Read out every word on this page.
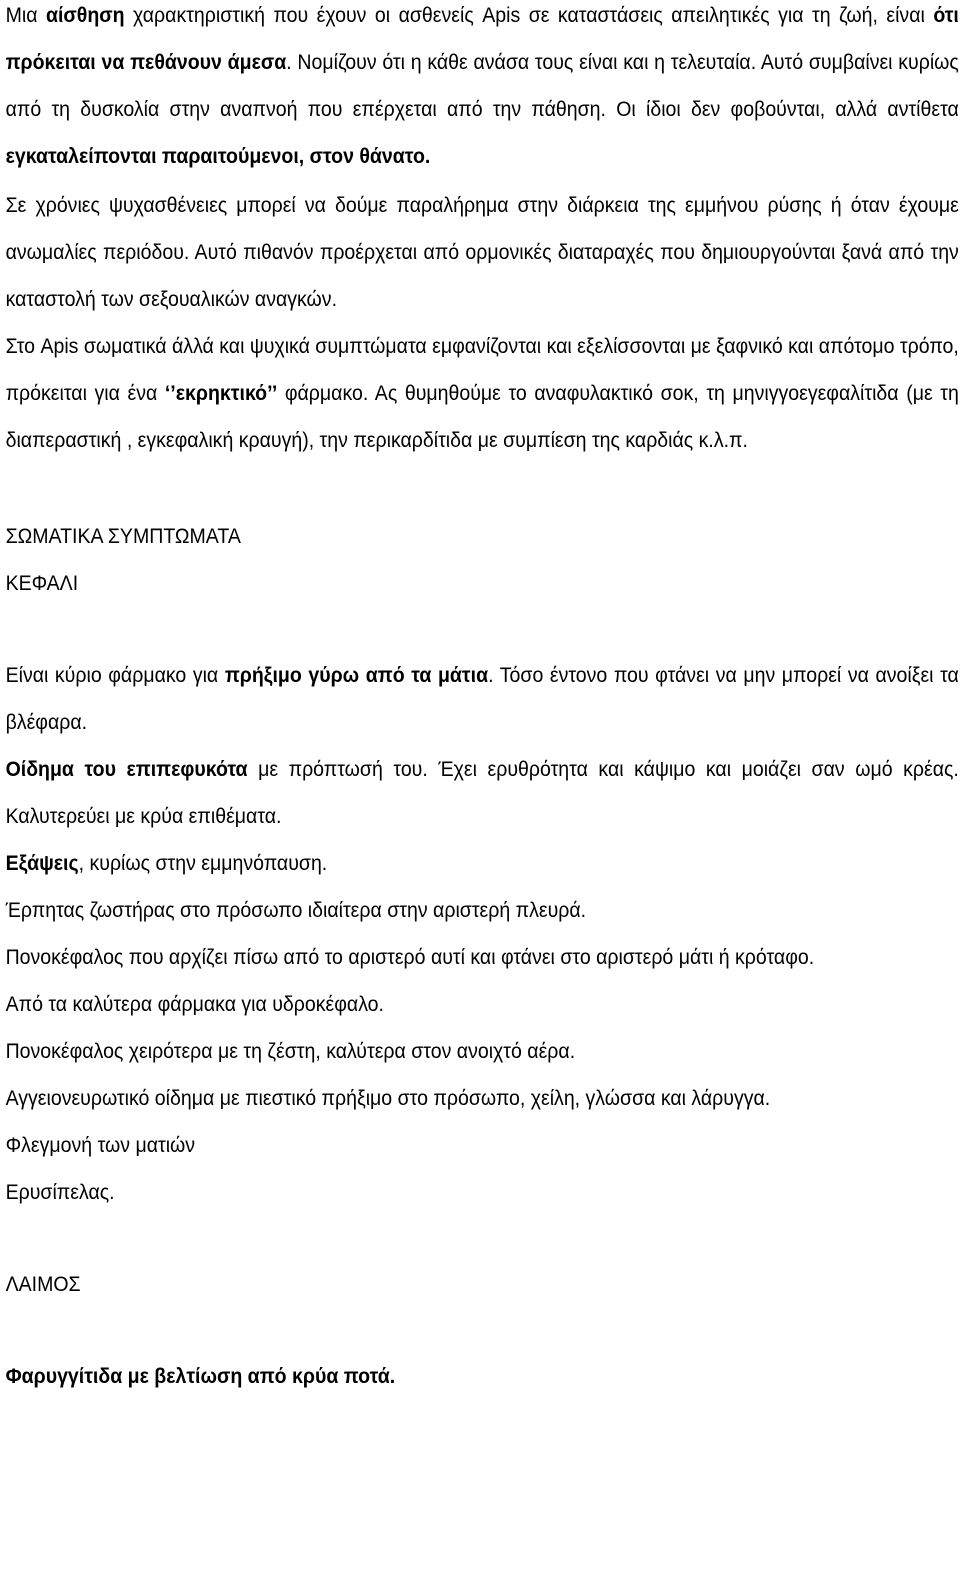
Μια αίσθηση χαρακτηριστική που έχουν οι ασθενείς Apis σε καταστάσεις απειλητικές για τη ζωή, είναι ότι πρόκειται να πεθάνουν άμεσα. Νομίζουν ότι η κάθε ανάσα τους είναι και η τελευταία. Αυτό συμβαίνει κυρίως από τη δυσκολία στην αναπνοή που επέρχεται από την πάθηση. Οι ίδιοι δεν φοβούνται, αλλά αντίθετα εγκαταλείπονται παραιτούμενοι, στον θάνατο.

Σε χρόνιες ψυχασθένειες μπορεί να δούμε παραλήρημα στην διάρκεια της εμμήνου ρύσης ή όταν έχουμε ανωμαλίες περιόδου. Αυτό πιθανόν προέρχεται από ορμονικές διαταραχές που δημιουργούνται ξανά από την καταστολή των σεξουαλικών αναγκών.

Στο Apis σωματικά άλλά και ψυχικά συμπτώματα εμφανίζονται και εξελίσσονται με ξαφνικό και απότομο τρόπο, πρόκειται για ένα ‘’εκρηκτικό’’ φάρμακο. Ας θυμηθούμε το αναφυλακτικό σοκ, τη μηνιγγοεγεφαλίτιδα (με τη διαπεραστική , εγκεφαλική κραυγή), την περικαρδίτιδα με συμπίεση της καρδιάς κ.λ.π.

ΣΩΜΑΤΙΚΑ ΣΥΜΠΤΩΜΑΤΑ

ΚΕΦΑΛΙ

Είναι κύριο φάρμακο για πρήξιμο γύρω από τα μάτια. Τόσο έντονο που φτάνει να μην μπορεί να ανοίξει τα βλέφαρα.

Οίδημα του επιπεφυκότα με πρόπτωσή του. Έχει ερυθρότητα και κάψιμο και μοιάζει σαν ωμό κρέας. Καλυτερεύει με κρύα επιθέματα.

Εξάψεις, κυρίως στην εμμηνόπαυση.

Έρπητας ζωστήρας στο πρόσωπο ιδιαίτερα στην αριστερή πλευρά.

Πονοκέφαλος που αρχίζει πίσω από το αριστερό αυτί και φτάνει στο αριστερό μάτι ή κρόταφο.

Από τα καλύτερα φάρμακα για υδροκέφαλο.

Πονοκέφαλος χειρότερα με τη ζέστη, καλύτερα στον ανοιχτό αέρα.

Αγγειονευρωτικό οίδημα με πιεστικό πρήξιμο στο πρόσωπο, χείλη, γλώσσα και λάρυγγα.

Φλεγμονή των ματιών

Ερυσίπελας.

ΛΑΙΜΟΣ

Φαρυγγίτιδα με βελτίωση από κρύα ποτά.
